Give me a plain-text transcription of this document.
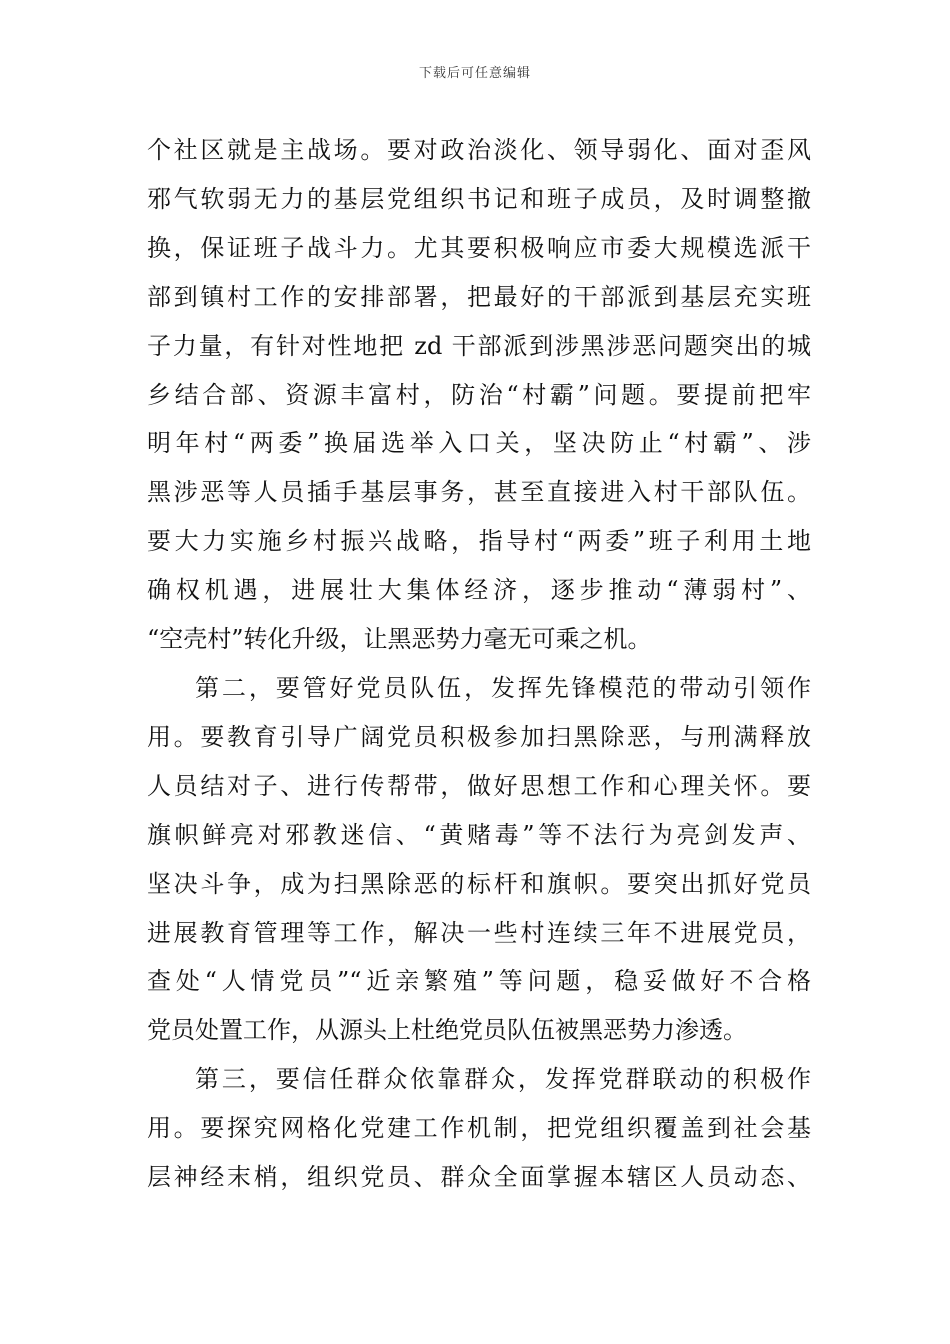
下载后可任意编辑
个社区就是主战场。要对政治淡化、领导弱化、面对歪风
邪气软弱无力的基层党组织书记和班子成员，及时调整撤
换，保证班子战斗力。尤其要积极响应市委大规模选派干
部到镇村工作的安排部署，把最好的干部派到基层充实班
子力量，有针对性地把 zd 干部派到涉黑涉恶问题突出的城
乡结合部、资源丰富村，防治“村霸”问题。要提前把牢
明年村“两委”换届选举入口关，坚决防止“村霸”、涉
黑涉恶等人员插手基层事务，甚至直接进入村干部队伍。
要大力实施乡村振兴战略，指导村“两委”班子利用土地
确权机遇，进展壮大集体经济，逐步推动“薄弱村”、
“空壳村”转化升级，让黑恶势力毫无可乘之机。
第二，要管好党员队伍，发挥先锋模范的带动引领作
用。要教育引导广阔党员积极参加扫黑除恶，与刑满释放
人员结对子、进行传帮带，做好思想工作和心理关怀。要
旗帜鲜亮对邪教迷信、“黄赌毒”等不法行为亮剑发声、
坚决斗争，成为扫黑除恶的标杆和旗帜。要突出抓好党员
进展教育管理等工作，解决一些村连续三年不进展党员，
查处“人情党员”“近亲繁殖”等问题，稳妥做好不合格
党员处置工作，从源头上杜绝党员队伍被黑恶势力渗透。
第三，要信任群众依靠群众，发挥党群联动的积极作
用。要探究网格化党建工作机制，把党组织覆盖到社会基
层神经末梢，组织党员、群众全面掌握本辖区人员动态、
